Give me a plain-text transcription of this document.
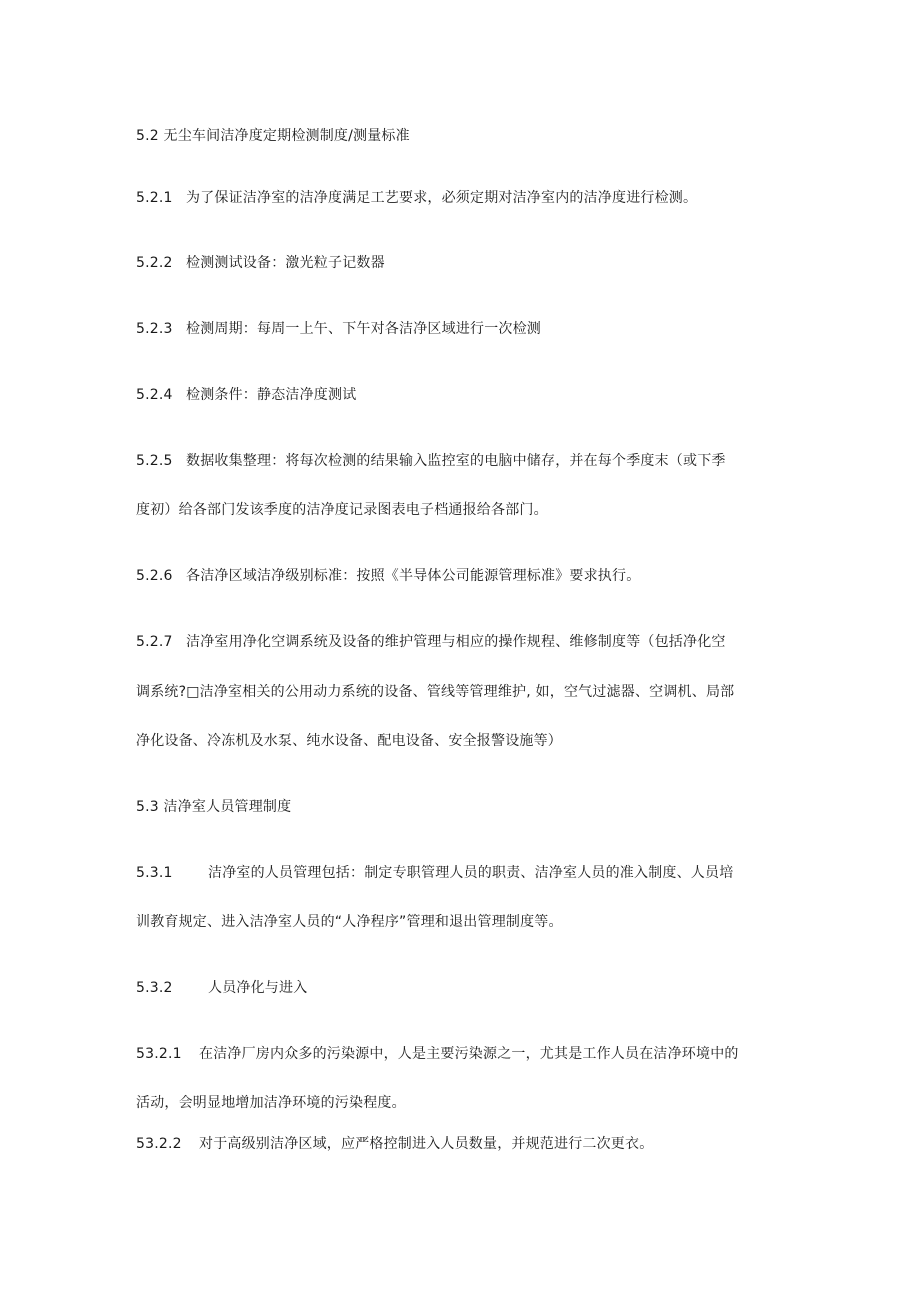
5.2 无尘车间洁净度定期检测制度/测量标准
5.2.1 为了保证洁净室的洁净度满足工艺要求，必须定期对洁净室内的洁净度进行检测。
5.2.2 检测测试设备：激光粒子记数器
5.2.3 检测周期：每周一上午、下午对各洁净区域进行一次检测
5.2.4 检测条件：静态洁净度测试
5.2.5 数据收集整理：将每次检测的结果输入监控室的电脑中储存，并在每个季度末（或下季
度初）给各部门发该季度的洁净度记录图表电子档通报给各部门。
5.2.6 各洁净区域洁净级别标准：按照《半导体公司能源管理标准》要求执行。
5.2.7 洁净室用净化空调系统及设备的维护管理与相应的操作规程、维修制度等（包括净化空
调系统?□洁净室相关的公用动力系统的设备、管线等管理维护, 如，空气过滤器、空调机、局部
净化设备、冷冻机及水泵、纯水设备、配电设备、安全报警设施等）
5.3 洁净室人员管理制度
5.3.1	洁净室的人员管理包括：制定专职管理人员的职责、洁净室人员的准入制度、人员培
训教育规定、进入洁净室人员的“人净程序”管理和退出管理制度等。
5.3.2	人员净化与进入
53.2.1 在洁净厂房内众多的污染源中，人是主要污染源之一，尤其是工作人员在洁净环境中的
活动，会明显地增加洁净环境的污染程度。
53.2.2 对于高级别洁净区域，应严格控制进入人员数量，并规范进行二次更衣。
